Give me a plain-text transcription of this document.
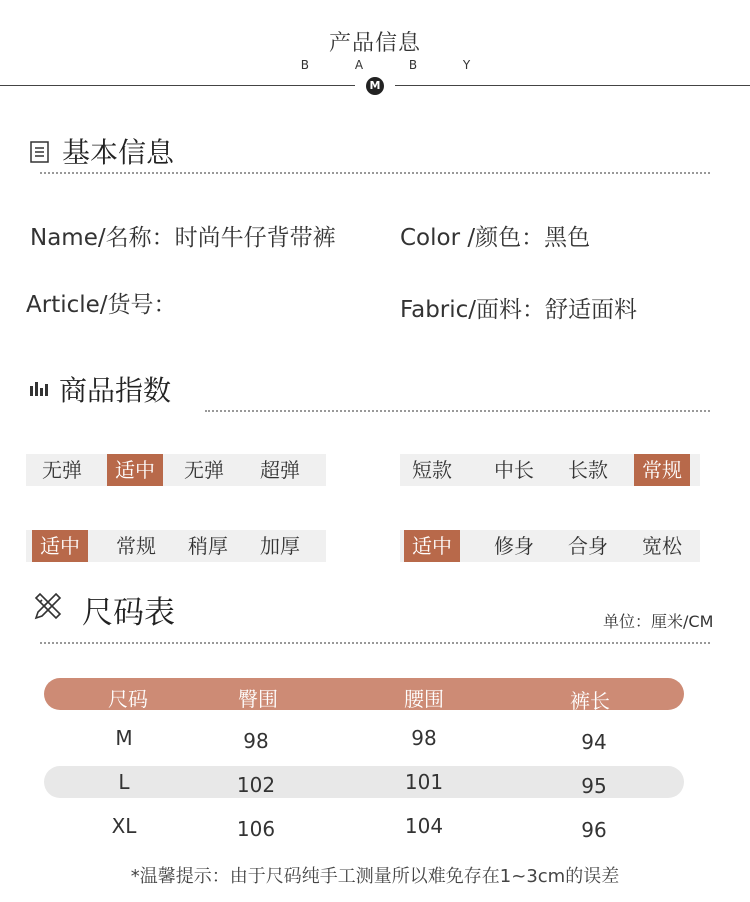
产品信息
B A B Y
M
基本信息
Name/名称：时尚牛仔背带裤	Color /颜色：黑色
Article/货号：	Fabric/面料：舒适面料
商品指数
无弹	适中	无弹	超弹	短款	中长	长款	常规
适中	常规	稍厚	加厚	适中	修身	合身	宽松
尺码表	单位：厘米/CM
尺码	臀围	腰围	裤长
M	98	98	94
L	102	101	95
XL	106	104	96
*温馨提示：由于尺码纯手工测量所以难免存在1~3cm的误差
